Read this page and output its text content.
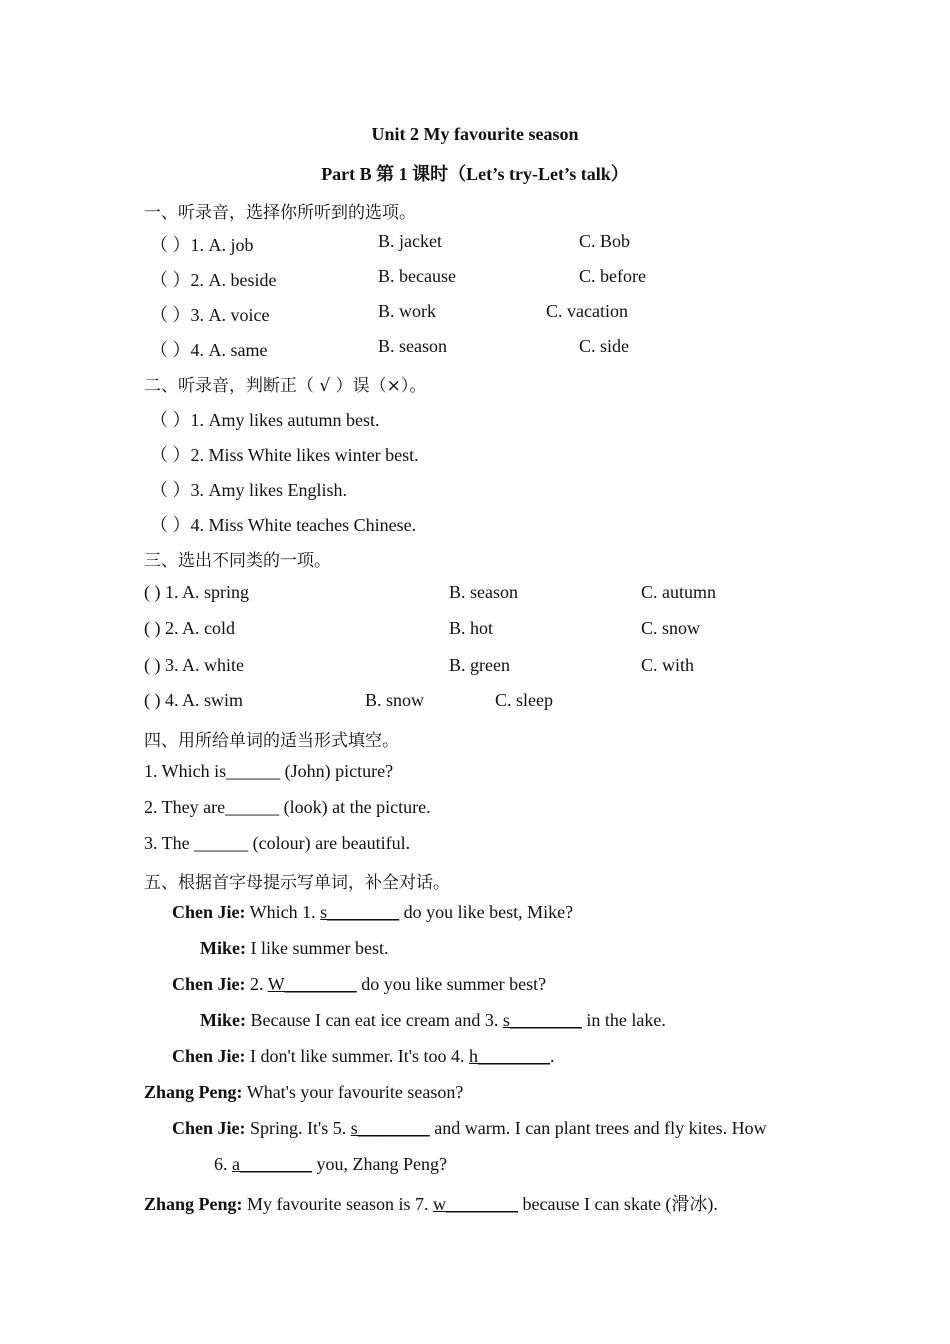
Unit 2 My favourite season
Part B 第 1 课时（Let’s try-Let’s talk）
一、听录音，选择你所听到的选项。
（ ）1. A. job	B. jacket	C. Bob
（ ）2. A. beside	B. because	C. before
（ ）3. A. voice	B. work	C. vacation
（ ）4. A. same	B. season	C. side
二、听录音，判断正（ √ ）误（×）。
（ ）1. Amy likes autumn best.
（ ）2. Miss White likes winter best.
（ ）3. Amy likes English.
（ ）4. Miss White teaches Chinese.
三、选出不同类的一项。
( ) 1. A. spring	B. season	C. autumn
( ) 2. A. cold	B. hot	C. snow
( ) 3. A. white	B. green	C. with
( ) 4. A. swim	B. snow	C. sleep
四、用所给单词的适当形式填空。
1. Which is______ (John) picture?
2. They are______ (look) at the picture.
3. The ______ (colour) are beautiful.
五、根据首字母提示写单词，补全对话。
Chen Jie: Which 1. s________ do you like best, Mike?
Mike: I like summer best.
Chen Jie: 2. W________ do you like summer best?
Mike: Because I can eat ice cream and 3. s________ in the lake.
Chen Jie: I don't like summer. It's too 4. h________.
Zhang Peng: What's your favourite season?
Chen Jie: Spring. It's 5. s________ and warm. I can plant trees and fly kites. How
6. a________ you, Zhang Peng?
Zhang Peng: My favourite season is 7. w________ because I can skate (滑冰).
